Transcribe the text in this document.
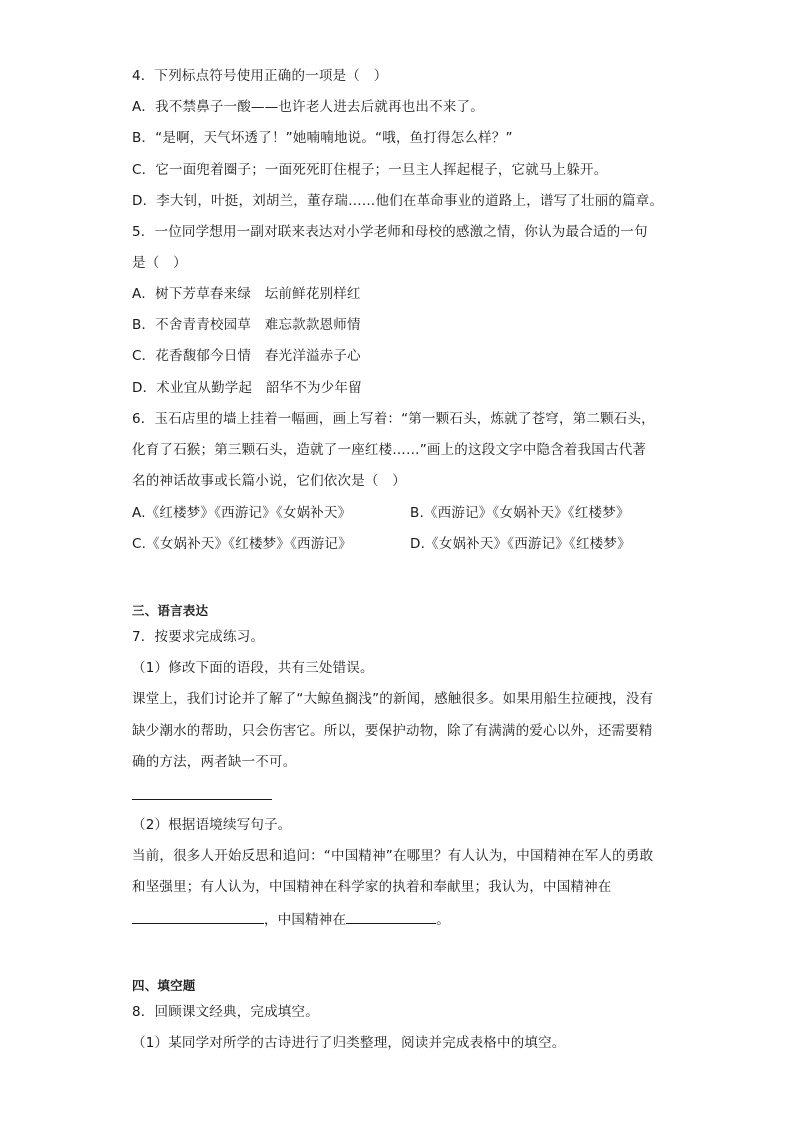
4．下列标点符号使用正确的一项是（　）
A．我不禁鼻子一酸——也许老人进去后就再也出不来了。
B．“是啊，天气坏透了！”她喃喃地说。“哦，鱼打得怎么样？”
C．它一面兜着圈子；一面死死盯住棍子；一旦主人挥起棍子，它就马上躲开。
D．李大钊，叶挺，刘胡兰，董存瑞……他们在革命事业的道路上，谱写了壮丽的篇章。
5．一位同学想用一副对联来表达对小学老师和母校的感激之情，你认为最合适的一句
是（　）
A．树下芳草春来绿　坛前鲜花别样红
B．不舍青青校园草　难忘款款恩师情
C．花香馥郁今日情　春光洋溢赤子心
D．术业宜从勤学起　韶华不为少年留
6．玉石店里的墙上挂着一幅画，画上写着：“第一颗石头，炼就了苍穹，第二颗石头，
化育了石猴；第三颗石头，造就了一座红楼……”画上的这段文字中隐含着我国古代著
名的神话故事或长篇小说，它们依次是（　）
A.《红楼梦》《西游记》《女娲补天》	B.《西游记》《女娲补天》《红楼梦》
C.《女娲补天》《红楼梦》《西游记》	D.《女娲补天》《西游记》《红楼梦》
三、语言表达
7．按要求完成练习。
（1）修改下面的语段，共有三处错误。
课堂上，我们讨论并了解了“大鲸鱼搁浅”的新闻，感触很多。如果用船生拉硬拽，没有
缺少潮水的帮助，只会伤害它。所以，要保护动物，除了有满满的爱心以外，还需要精
确的方法，两者缺一不可。
（2）根据语境续写句子。
当前，很多人开始反思和追问：“中国精神”在哪里？有人认为，中国精神在军人的勇敢
和坚强里；有人认为，中国精神在科学家的执着和奉献里；我认为，中国精神在
，中国精神在	。
四、填空题
8．回顾课文经典，完成填空。
（1）某同学对所学的古诗进行了归类整理，阅读并完成表格中的填空。
